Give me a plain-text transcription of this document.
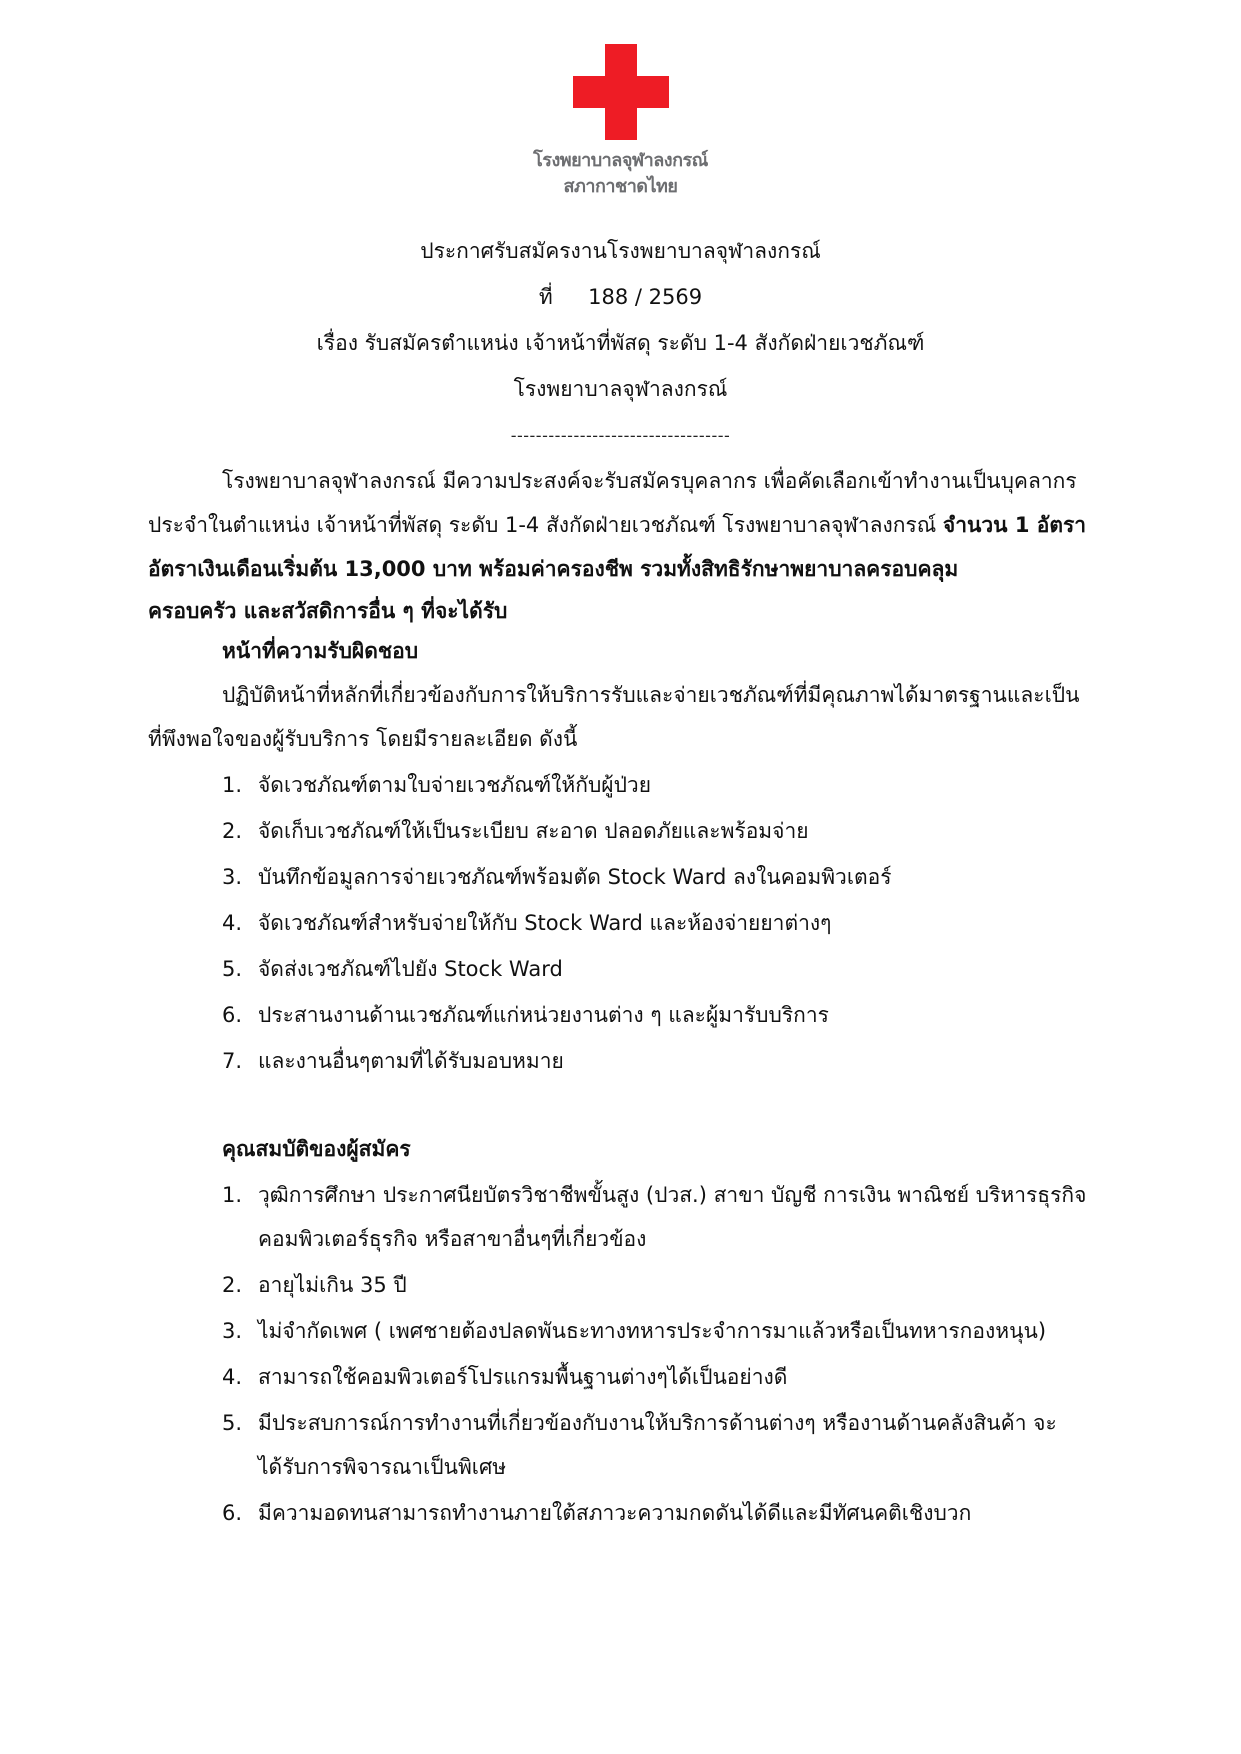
โรงพยาบาลจุฬาลงกรณ์
สภากาชาดไทย
ประกาศรับสมัครงานโรงพยาบาลจุฬาลงกรณ์
ที่ 188 / 2569
เรื่อง รับสมัครตำแหน่ง เจ้าหน้าที่พัสดุ ระดับ 1-4 สังกัดฝ่ายเวชภัณฑ์
โรงพยาบาลจุฬาลงกรณ์
-----------------------------------
โรงพยาบาลจุฬาลงกรณ์ มีความประสงค์จะรับสมัครบุคลากร เพื่อคัดเลือกเข้าทำงานเป็นบุคลากร
ประจำในตำแหน่ง เจ้าหน้าที่พัสดุ ระดับ 1-4 สังกัดฝ่ายเวชภัณฑ์ โรงพยาบาลจุฬาลงกรณ์ จำนวน 1 อัตรา
อัตราเงินเดือนเริ่มต้น 13,000 บาท พร้อมค่าครองชีพ รวมทั้งสิทธิรักษาพยาบาลครอบคลุม
ครอบครัว และสวัสดิการอื่น ๆ ที่จะได้รับ
หน้าที่ความรับผิดชอบ
ปฏิบัติหน้าที่หลักที่เกี่ยวข้องกับการให้บริการรับและจ่ายเวชภัณฑ์ที่มีคุณภาพได้มาตรฐานและเป็น
ที่พึงพอใจของผู้รับบริการ โดยมีรายละเอียด ดังนี้
1. จัดเวชภัณฑ์ตามใบจ่ายเวชภัณฑ์ให้กับผู้ป่วย
2. จัดเก็บเวชภัณฑ์ให้เป็นระเบียบ สะอาด ปลอดภัยและพร้อมจ่าย
3. บันทึกข้อมูลการจ่ายเวชภัณฑ์พร้อมตัด Stock Ward ลงในคอมพิวเตอร์
4. จัดเวชภัณฑ์สำหรับจ่ายให้กับ Stock Ward และห้องจ่ายยาต่างๆ
5. จัดส่งเวชภัณฑ์ไปยัง Stock Ward
6. ประสานงานด้านเวชภัณฑ์แก่หน่วยงานต่าง ๆ และผู้มารับบริการ
7. และงานอื่นๆตามที่ได้รับมอบหมาย
คุณสมบัติของผู้สมัคร
1. วุฒิการศึกษา ประกาศนียบัตรวิชาชีพขั้นสูง (ปวส.) สาขา บัญชี การเงิน พาณิชย์ บริหารธุรกิจ
คอมพิวเตอร์ธุรกิจ หรือสาขาอื่นๆที่เกี่ยวข้อง
2. อายุไม่เกิน 35 ปี
3. ไม่จำกัดเพศ ( เพศชายต้องปลดพันธะทางทหารประจำการมาแล้วหรือเป็นทหารกองหนุน)
4. สามารถใช้คอมพิวเตอร์โปรแกรมพื้นฐานต่างๆได้เป็นอย่างดี
5. มีประสบการณ์การทำงานที่เกี่ยวข้องกับงานให้บริการด้านต่างๆ หรืองานด้านคลังสินค้า จะ
ได้รับการพิจารณาเป็นพิเศษ
6. มีความอดทนสามารถทำงานภายใต้สภาวะความกดดันได้ดีและมีทัศนคติเชิงบวก
